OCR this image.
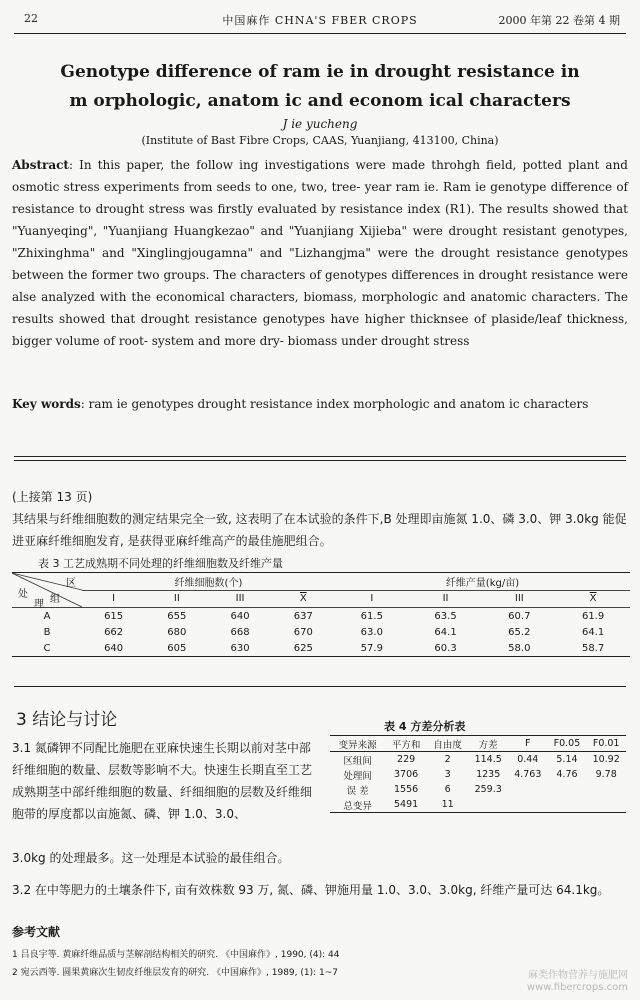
22	中国麻作 CHNA'S FBER CROPS	2000 年第 22 卷第 4 期
Genotype difference of ram ie in drought resistance in
m orphologic, anatom ic and econom ical characters
J ie yucheng
(Institute of Bast Fibre Crops, CAAS, Yuanjiang, 413100, China)
Abstract: In this paper, the follow ing investigations were made throhgh field, potted plant and osmotic stress experiments from seeds to one, two, tree- year ram ie. Ram ie genotype difference of resistance to drought stress was firstly evaluated by resistance index (R1). The results showed that "Yuanyeqing", "Yuanjiang Huangkezao" and "Yuanjiang Xijieba" were drought resistant genotypes, "Zhixinghma" and "Xinglingjougamna" and "Lizhangjma" were the drought resistance genotypes between the former two groups. The characters of genotypes differences in drought resistance were alse analyzed with the economical characters, biomass, morphologic and anatomic characters. The results showed that drought resistance genotypes have higher thicknsee of plaside/leaf thickness, bigger volume of root- system and more dry- biomass under drought stress
Key words: ram ie genotypes drought resistance index morphologic and anatom ic characters
(上接第 13 页)
其结果与纤维细胞数的测定结果完全一致, 这表明了在本试验的条件下,B 处理即亩施氮 1.0、磷 3.0、钾 3.0kg 能促进亚麻纤维细胞发育, 是获得亚麻纤维高产的最佳施肥组合。
表 3 工艺成熟期不同处理的纤维细胞数及纤维产量
区
组
处
理	纤维细胞数(个)				纤维产量(kg/亩)			
	I	II	III	$\overline{X}$	I	II	III	$\overline{X}$
A	615	655	640	637	61.5	63.5	60.7	61.9
B	662	680	668	670	63.0	64.1	65.2	64.1
C	640	605	630	625	57.9	60.3	58.0	58.7
3 结论与讨论
3.1 氮磷钾不同配比施肥在亚麻快速生长期以前对茎中部纤维细胞的数量、层数等影响不大。快速生长期直至工艺成熟期茎中部纤维细胞的数量、纤细细胞的层数及纤维细胞带的厚度都以亩施氮、磷、钾 1.0、3.0、
3.0kg 的处理最多。这一处理是本试验的最佳组合。
3.2 在中等肥力的土壤条件下, 亩有效株数 93 万, 氮、磷、钾施用量 1.0、3.0、3.0kg, 纤维产量可达 64.1kg。
表 4 方差分析表
变异来源	平方和	自由度	方差	F	F0.05	F0.01
区组间	229	2	114.5	0.44	5.14	10.92
处理间	3706	3	1235	4.763	4.76	9.78
误 差	1556	6	259.3			
总变异	5491	11				
参考文献
1 吕良宇等. 黄麻纤维品质与茎解剖结构相关的研究. 《中国麻作》, 1990, (4): 44
2 宛云西等. 圆果黄麻次生韧皮纤维层发育的研究. 《中国麻作》, 1989, (1): 1~7	麻类作物营养与施肥网
www.fibercrops.com
